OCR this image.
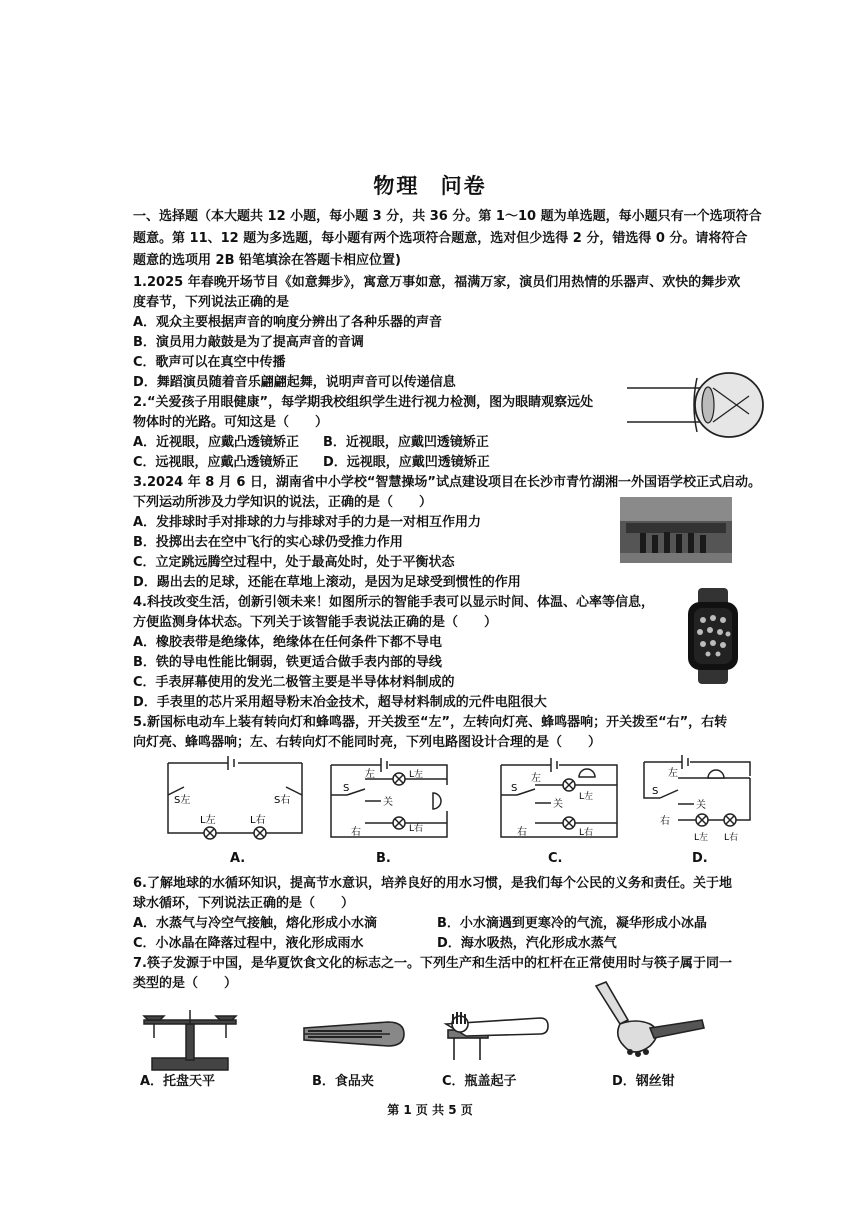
物理 问卷
一、选择题（本大题共 12 小题，每小题 3 分，共 36 分。第 1～10 题为单选题，每小题只有一个选项符合
题意。第 11、12 题为多选题，每小题有两个选项符合题意，选对但少选得 2 分，错选得 0 分。请将符合
题意的选项用 2B 铅笔填涂在答题卡相应位置)
1.2025 年春晚开场节目《如意舞步》，寓意万事如意，福满万家，演员们用热情的乐器声、欢快的舞步欢
度春节，下列说法正确的是
A．观众主要根据声音的响度分辨出了各种乐器的声音
B．演员用力敲鼓是为了提高声音的音调
C．歌声可以在真空中传播
D．舞蹈演员随着音乐翩翩起舞，说明声音可以传递信息
2.“关爱孩子用眼健康”，每学期我校组织学生进行视力检测，图为眼睛观察远处
物体时的光路。可知这是（　　）
A．近视眼，应戴凸透镜矫正 B．近视眼，应戴凹透镜矫正
C．远视眼，应戴凸透镜矫正 D．远视眼，应戴凹透镜矫正
3.2024 年 8 月 6 日，湖南省中小学校“智慧操场”试点建设项目在长沙市青竹湖湘一外国语学校正式启动。
下列运动所涉及力学知识的说法，正确的是（　　）
A．发排球时手对排球的力与排球对手的力是一对相互作用力
B．投掷出去在空中飞行的实心球仍受推力作用
C．立定跳远腾空过程中，处于最高处时，处于平衡状态
D．踢出去的足球，还能在草地上滚动，是因为足球受到惯性的作用
4.科技改变生活，创新引领未来！如图所示的智能手表可以显示时间、体温、心率等信息，
方便监测身体状态。下列关于该智能手表说法正确的是（　　）
A．橡胶表带是绝缘体，绝缘体在任何条件下都不导电
B．铁的导电性能比铜弱，铁更适合做手表内部的导线
C．手表屏幕使用的发光二极管主要是半导体材料制成的
D．手表里的芯片采用超导粉末冶金技术，超导材料制成的元件电阻很大
5.新国标电动车上装有转向灯和蜂鸣器，开关拨至“左”，左转向灯亮、蜂鸣器响；开关拨至“右”，右转
向灯亮、蜂鸣器响；左、右转向灯不能同时亮，下列电路图设计合理的是（　　）
S左	S右
L左	L右
A.
左
S
关
右
L左
L右
B.
左
S
关
右
L左
L右
C.
左
S
关
右
L左 L右
D.
6.了解地球的水循环知识，提高节水意识，培养良好的用水习惯，是我们每个公民的义务和责任。关于地
球水循环，下列说法正确的是（　　）
A．水蒸气与冷空气接触，熔化形成小水滴	B．小水滴遇到更寒冷的气流，凝华形成小冰晶
C．小冰晶在降落过程中，液化形成雨水	D．海水吸热，汽化形成水蒸气
7.筷子发源于中国，是华夏饮食文化的标志之一。下列生产和生活中的杠杆在正常使用时与筷子属于同一
类型的是（　　）
A．托盘天平	B．食品夹	C．瓶盖起子	D．钢丝钳
第 1 页 共 5 页
